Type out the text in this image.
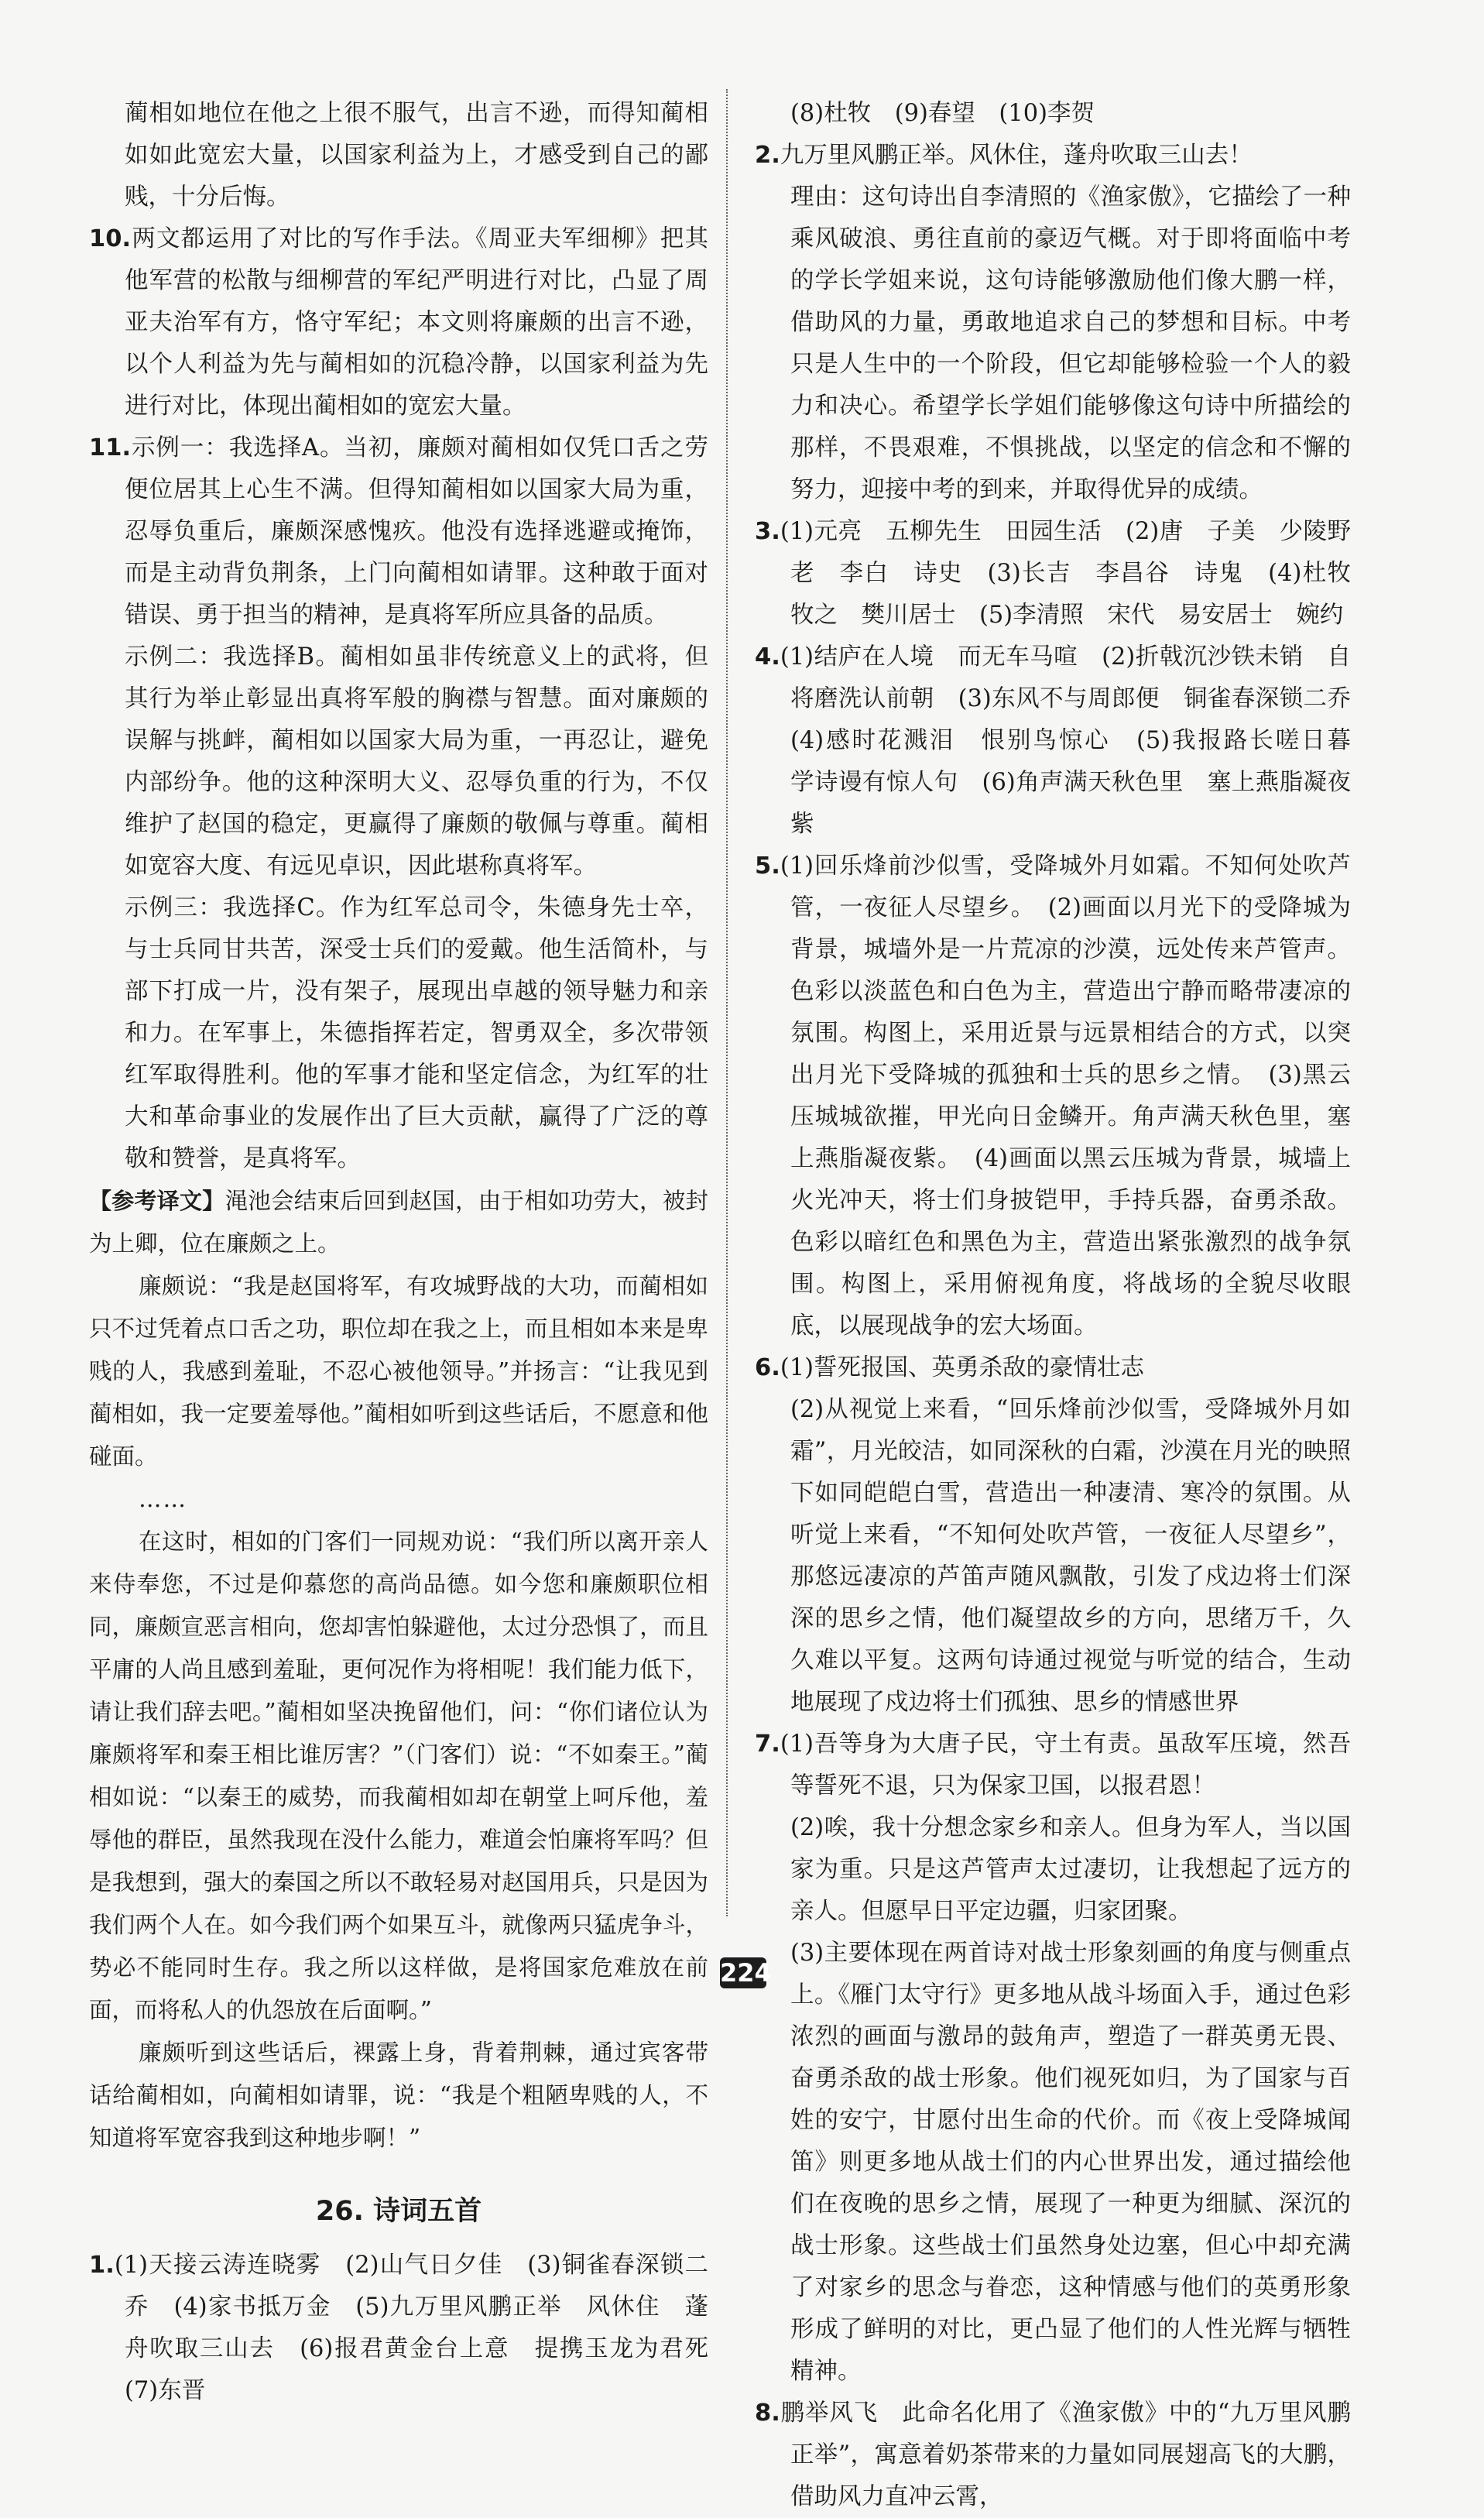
蔺相如地位在他之上很不服气，出言不逊，而得知蔺相如如此宽宏大量，以国家利益为上，才感受到自己的鄙贱，十分后悔。

10.两文都运用了对比的写作手法。《周亚夫军细柳》把其他军营的松散与细柳营的军纪严明进行对比，凸显了周亚夫治军有方，恪守军纪；本文则将廉颇的出言不逊，以个人利益为先与蔺相如的沉稳冷静，以国家利益为先进行对比，体现出蔺相如的宽宏大量。

11.示例一：我选择A。当初，廉颇对蔺相如仅凭口舌之劳便位居其上心生不满。但得知蔺相如以国家大局为重，忍辱负重后，廉颇深感愧疚。他没有选择逃避或掩饰，而是主动背负荆条，上门向蔺相如请罪。这种敢于面对错误、勇于担当的精神，是真将军所应具备的品质。

示例二：我选择B。蔺相如虽非传统意义上的武将，但其行为举止彰显出真将军般的胸襟与智慧。面对廉颇的误解与挑衅，蔺相如以国家大局为重，一再忍让，避免内部纷争。他的这种深明大义、忍辱负重的行为，不仅维护了赵国的稳定，更赢得了廉颇的敬佩与尊重。蔺相如宽容大度、有远见卓识，因此堪称真将军。

示例三：我选择C。作为红军总司令，朱德身先士卒，与士兵同甘共苦，深受士兵们的爱戴。他生活简朴，与部下打成一片，没有架子，展现出卓越的领导魅力和亲和力。在军事上，朱德指挥若定，智勇双全，多次带领红军取得胜利。他的军事才能和坚定信念，为红军的壮大和革命事业的发展作出了巨大贡献，赢得了广泛的尊敬和赞誉，是真将军。

【参考译文】渑池会结束后回到赵国，由于相如功劳大，被封为上卿，位在廉颇之上。

廉颇说：“我是赵国将军，有攻城野战的大功，而蔺相如只不过凭着点口舌之功，职位却在我之上，而且相如本来是卑贱的人，我感到羞耻，不忍心被他领导。”并扬言：“让我见到蔺相如，我一定要羞辱他。”蔺相如听到这些话后，不愿意和他碰面。

……

在这时，相如的门客们一同规劝说：“我们所以离开亲人来侍奉您，不过是仰慕您的高尚品德。如今您和廉颇职位相同，廉颇宣恶言相向，您却害怕躲避他，太过分恐惧了，而且平庸的人尚且感到羞耻，更何况作为将相呢！我们能力低下，请让我们辞去吧。”蔺相如坚决挽留他们，问：“你们诸位认为廉颇将军和秦王相比谁厉害？”（门客们）说：“不如秦王。”蔺相如说：“以秦王的威势，而我蔺相如却在朝堂上呵斥他，羞辱他的群臣，虽然我现在没什么能力，难道会怕廉将军吗？但是我想到，强大的秦国之所以不敢轻易对赵国用兵，只是因为我们两个人在。如今我们两个如果互斗，就像两只猛虎争斗，势必不能同时生存。我之所以这样做，是将国家危难放在前面，而将私人的仇怨放在后面啊。”

廉颇听到这些话后，裸露上身，背着荆棘，通过宾客带话给蔺相如，向蔺相如请罪，说：“我是个粗陋卑贱的人，不知道将军宽容我到这种地步啊！”

26. 诗词五首

1.(1)天接云涛连晓雾　(2)山气日夕佳　(3)铜雀春深锁二乔　(4)家书抵万金　(5)九万里风鹏正举　风休住　蓬舟吹取三山去　(6)报君黄金台上意　提携玉龙为君死　(7)东晋

(8)杜牧　(9)春望　(10)李贺

2.九万里风鹏正举。风休住，蓬舟吹取三山去！

理由：这句诗出自李清照的《渔家傲》，它描绘了一种乘风破浪、勇往直前的豪迈气概。对于即将面临中考的学长学姐来说，这句诗能够激励他们像大鹏一样，借助风的力量，勇敢地追求自己的梦想和目标。中考只是人生中的一个阶段，但它却能够检验一个人的毅力和决心。希望学长学姐们能够像这句诗中所描绘的那样，不畏艰难，不惧挑战，以坚定的信念和不懈的努力，迎接中考的到来，并取得优异的成绩。

3.(1)元亮　五柳先生　田园生活　(2)唐　子美　少陵野老　李白　诗史　(3)长吉　李昌谷　诗鬼　(4)杜牧　牧之　樊川居士　(5)李清照　宋代　易安居士　婉约

4.(1)结庐在人境　而无车马喧　(2)折戟沉沙铁未销　自将磨洗认前朝　(3)东风不与周郎便　铜雀春深锁二乔　(4)感时花溅泪　恨别鸟惊心　(5)我报路长嗟日暮　学诗谩有惊人句　(6)角声满天秋色里　塞上燕脂凝夜紫

5.(1)回乐烽前沙似雪，受降城外月如霜。不知何处吹芦管，一夜征人尽望乡。　(2)画面以月光下的受降城为背景，城墙外是一片荒凉的沙漠，远处传来芦管声。色彩以淡蓝色和白色为主，营造出宁静而略带凄凉的氛围。构图上，采用近景与远景相结合的方式，以突出月光下受降城的孤独和士兵的思乡之情。　(3)黑云压城城欲摧，甲光向日金鳞开。角声满天秋色里，塞上燕脂凝夜紫。　(4)画面以黑云压城为背景，城墙上火光冲天，将士们身披铠甲，手持兵器，奋勇杀敌。色彩以暗红色和黑色为主，营造出紧张激烈的战争氛围。构图上，采用俯视角度，将战场的全貌尽收眼底，以展现战争的宏大场面。

6.(1)誓死报国、英勇杀敌的豪情壮志

(2)从视觉上来看，“回乐烽前沙似雪，受降城外月如霜”，月光皎洁，如同深秋的白霜，沙漠在月光的映照下如同皑皑白雪，营造出一种凄清、寒冷的氛围。从听觉上来看，“不知何处吹芦管，一夜征人尽望乡”，那悠远凄凉的芦笛声随风飘散，引发了戍边将士们深深的思乡之情，他们凝望故乡的方向，思绪万千，久久难以平复。这两句诗通过视觉与听觉的结合，生动地展现了戍边将士们孤独、思乡的情感世界

7.(1)吾等身为大唐子民，守土有责。虽敌军压境，然吾等誓死不退，只为保家卫国，以报君恩！

(2)唉，我十分想念家乡和亲人。但身为军人，当以国家为重。只是这芦管声太过凄切，让我想起了远方的亲人。但愿早日平定边疆，归家团聚。

(3)主要体现在两首诗对战士形象刻画的角度与侧重点上。《雁门太守行》更多地从战斗场面入手，通过色彩浓烈的画面与激昂的鼓角声，塑造了一群英勇无畏、奋勇杀敌的战士形象。他们视死如归，为了国家与百姓的安宁，甘愿付出生命的代价。而《夜上受降城闻笛》则更多地从战士们的内心世界出发，通过描绘他们在夜晚的思乡之情，展现了一种更为细腻、深沉的战士形象。这些战士们虽然身处边塞，但心中却充满了对家乡的思念与眷恋，这种情感与他们的英勇形象形成了鲜明的对比，更凸显了他们的人性光辉与牺牲精神。

8.鹏举风飞　此命名化用了《渔家傲》中的“九万里风鹏正举”，寓意着奶茶带来的力量如同展翅高飞的大鹏，借助风力直冲云霄，

224
